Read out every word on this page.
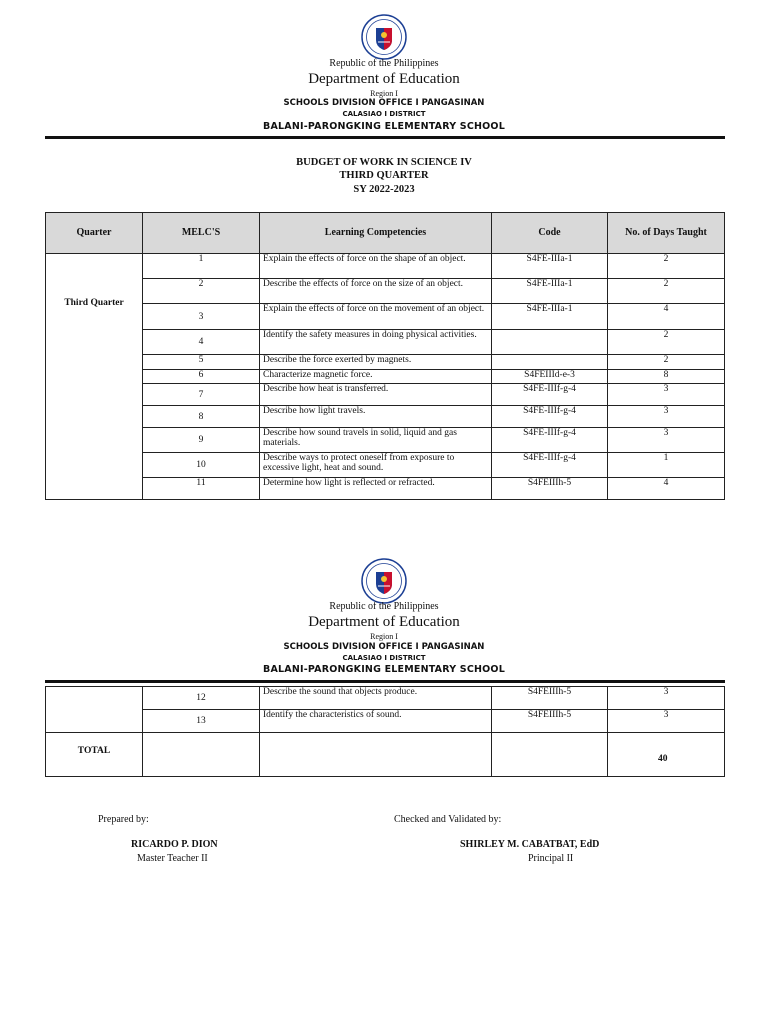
Republic of the Philippines
Department of Education
Region I
SCHOOLS DIVISION OFFICE I PANGASINAN
CALASIAO I DISTRICT
BALANI-PARONGKING ELEMENTARY SCHOOL
BUDGET OF WORK IN SCIENCE IV
THIRD QUARTER
SY 2022-2023
Quarter	MELC'S	Learning Competencies	Code	No. of Days Taught
Third Quarter	1	Explain the effects of force on the shape of an object.	S4FE-IIIa-1	2
	2	Describe the effects of force on the size of an object.	S4FE-IIIa-1	2
	3	Explain the effects of force on the movement of an object.	S4FE-IIIa-1	4
	4	Identify the safety measures in doing physical activities.		2
	5	Describe the force exerted by magnets.		2
	6	Characterize magnetic force.	S4FEIIId-e-3	8
	7	Describe how heat is transferred.	S4FE-IIIf-g-4	3
	8	Describe how light travels.	S4FE-IIIf-g-4	3
	9	Describe how sound travels in solid, liquid and gas materials.	S4FE-IIIf-g-4	3
	10	Describe ways to protect oneself from exposure to excessive light, heat and sound.	S4FE-IIIf-g-4	1
	11	Determine how light is reflected or refracted.	S4FEIIIh-5	4
Republic of the Philippines
Department of Education
Region I
SCHOOLS DIVISION OFFICE I PANGASINAN
CALASIAO I DISTRICT
BALANI-PARONGKING ELEMENTARY SCHOOL
	12	Describe the sound that objects produce.	S4FEIIIh-5	3
	13	Identify the characteristics of sound.	S4FEIIIh-5	3
TOTAL				40
Prepared by:
RICARDO P. DION
Master Teacher II
Checked and Validated by:
SHIRLEY M. CABATBAT, EdD
Principal II
